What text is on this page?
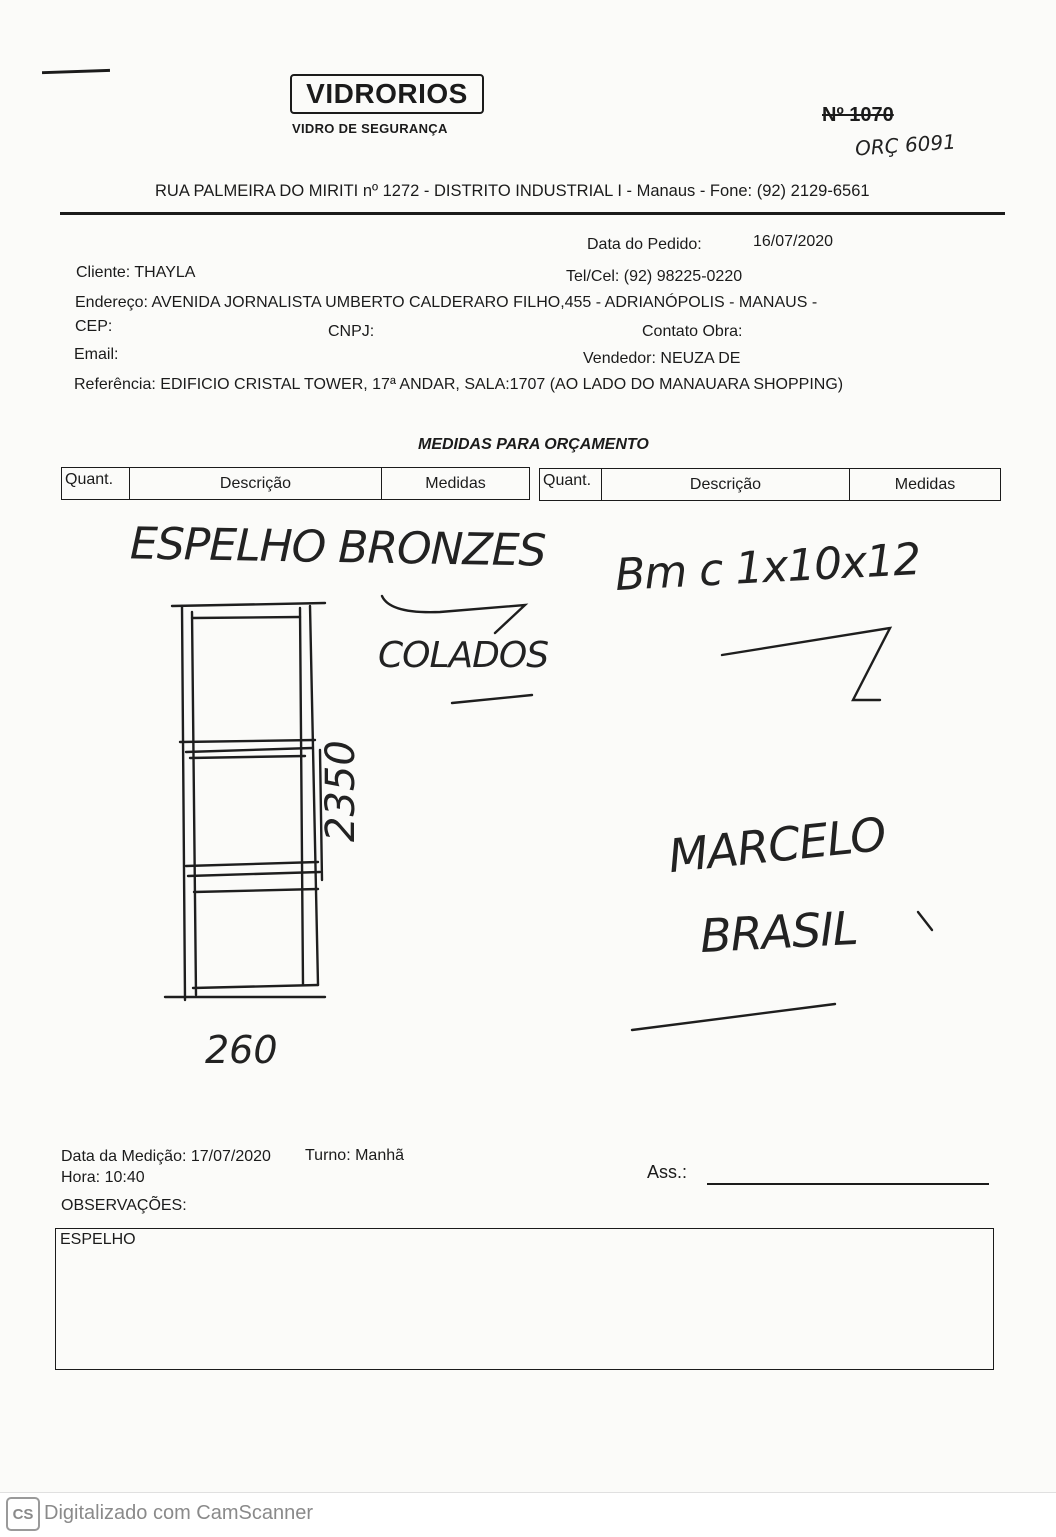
VIDRORIOS
VIDRO DE SEGURANÇA
Nº 1070
ORÇ 6091
RUA PALMEIRA DO MIRITI nº 1272 - DISTRITO INDUSTRIAL I - Manaus - Fone: (92) 2129-6561
Data do Pedido:	16/07/2020
Cliente: THAYLA	Tel/Cel: (92) 98225-0220
Endereço: AVENIDA JORNALISTA UMBERTO CALDERARO FILHO,455 - ADRIANÓPOLIS - MANAUS -
CEP:	CNPJ:	Contato Obra:
Email:	Vendedor: NEUZA DE
Referência: EDIFICIO CRISTAL TOWER, 17ª ANDAR, SALA:1707 (AO LADO DO MANAUARA SHOPPING)
MEDIDAS PARA ORÇAMENTO
Quant.	Descrição	Medidas	Quant.	Descrição	Medidas
ESPELHO BRONZES
COLADOS
2350
260
Bm c 1x10x12
MARCELO
BRASIL
Data da Medição: 17/07/2020 Turno: Manhã
Hora: 10:40	Ass.:
OBSERVAÇÕES:
ESPELHO
CS Digitalizado com CamScanner
